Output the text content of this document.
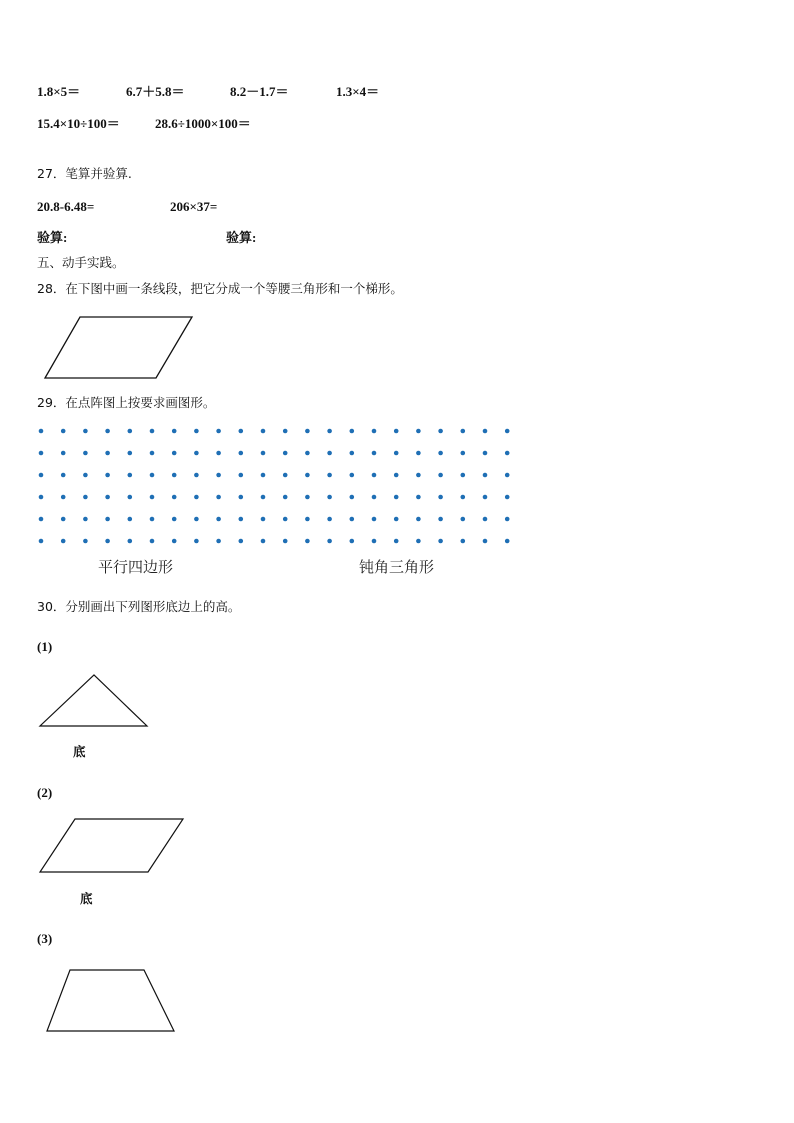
1.8×5＝	6.7＋5.8＝	8.2－1.7＝	1.3×4＝
15.4×10÷100＝	28.6÷1000×100＝
27．笔算并验算.
20.8-6.48=	206×37=
验算:	验算:
五、动手实践。
28．在下图中画一条线段，把它分成一个等腰三角形和一个梯形。
29．在点阵图上按要求画图形。
平行四边形	钝角三角形
30．分别画出下列图形底边上的高。
(1)
底
(2)
底
(3)
